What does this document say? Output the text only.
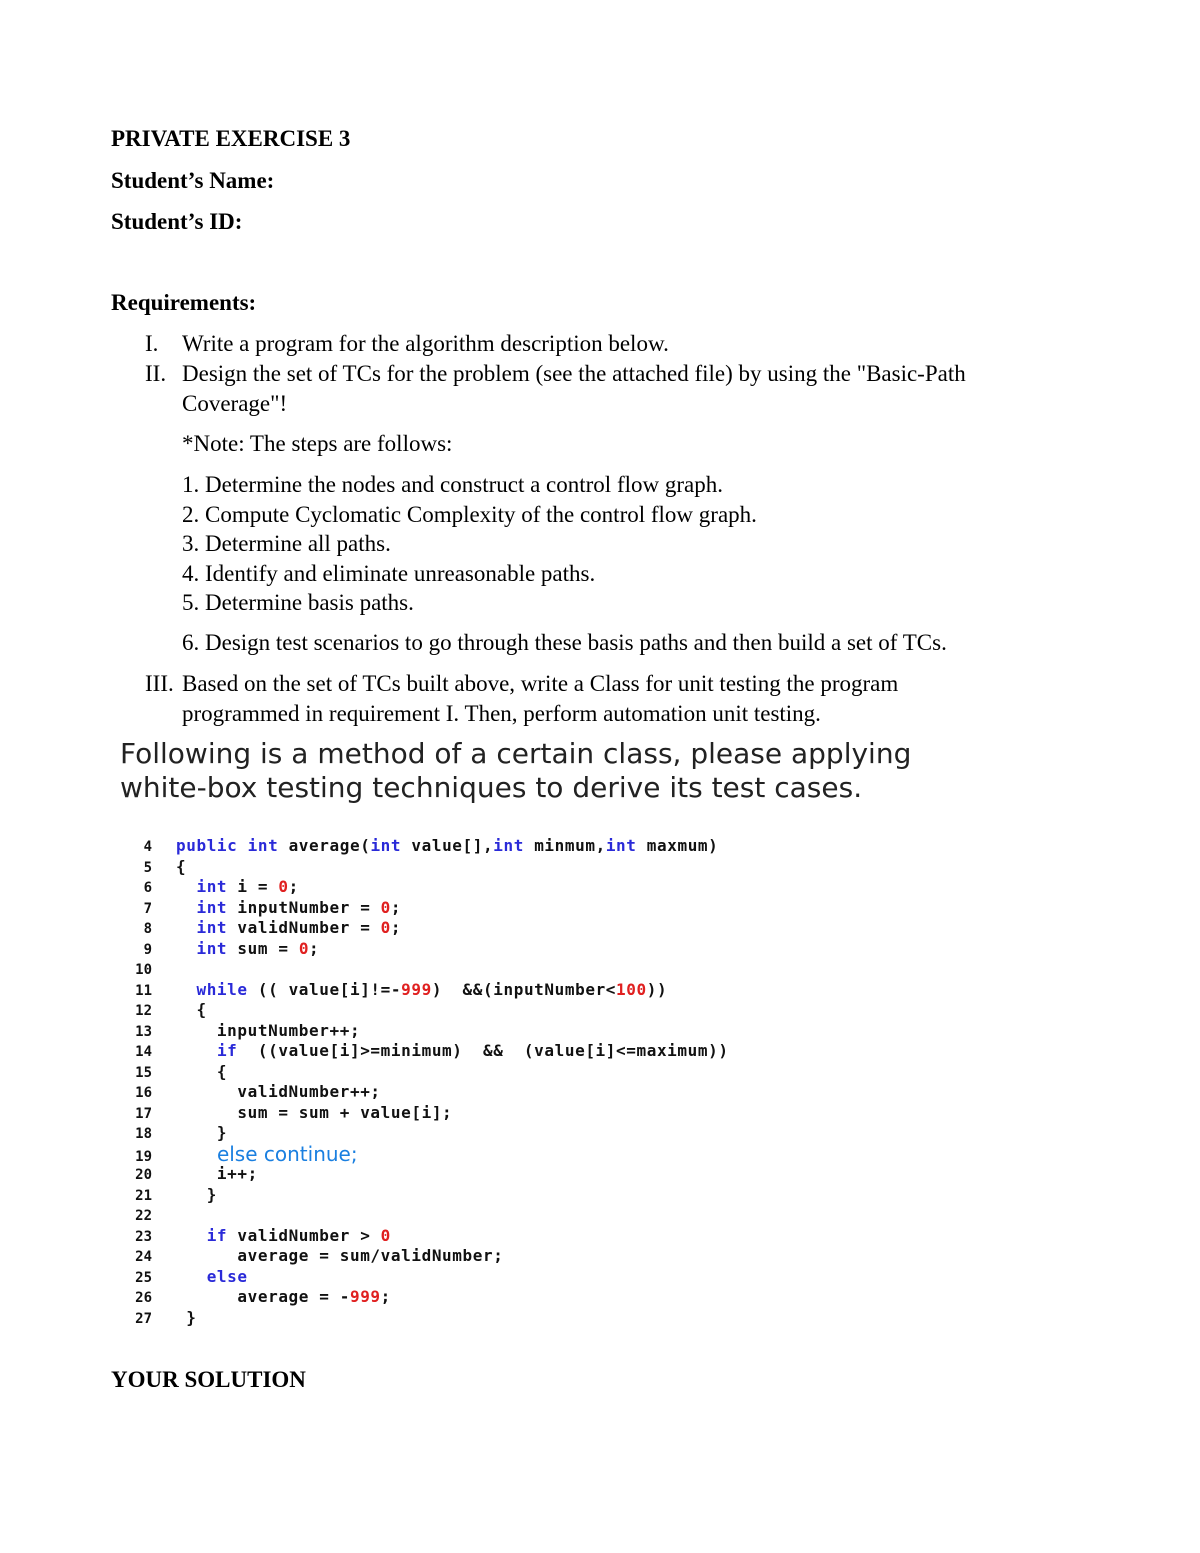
PRIVATE EXERCISE 3
Student’s Name:
Student’s ID:
Requirements:
I. Write a program for the algorithm description below.
II. Design the set of TCs for the problem (see the attached file) by using the "Basic-Path
Coverage"!
*Note: The steps are follows:
1. Determine the nodes and construct a control flow graph.
2. Compute Cyclomatic Complexity of the control flow graph.
3. Determine all paths.
4. Identify and eliminate unreasonable paths.
5. Determine basis paths.
6. Design test scenarios to go through these basis paths and then build a set of TCs.
III. Based on the set of TCs built above, write a Class for unit testing the program
programmed in requirement I. Then, perform automation unit testing.
Following is a method of a certain class, please applying
white-box testing techniques to derive its test cases.
4 public int average(int value[],int minmum,int maxmum)
5 {
6	int i = 0;
7	int inputNumber = 0;
8	int validNumber = 0;
9	int sum = 0;
10
11	while (( value[i]!=-999)  &&(inputNumber<100))
12  {
13    inputNumber++;
14	if  ((value[i]>=minimum)  &&  (value[i]<=maximum))
15    {
16      validNumber++;
17      sum = sum + value[i];
18    }
19	else continue;
20    i++;
21   }
22
23	if validNumber > 0
24      average = sum/validNumber;
25	else
26      average = -999;
27 }
YOUR SOLUTION
